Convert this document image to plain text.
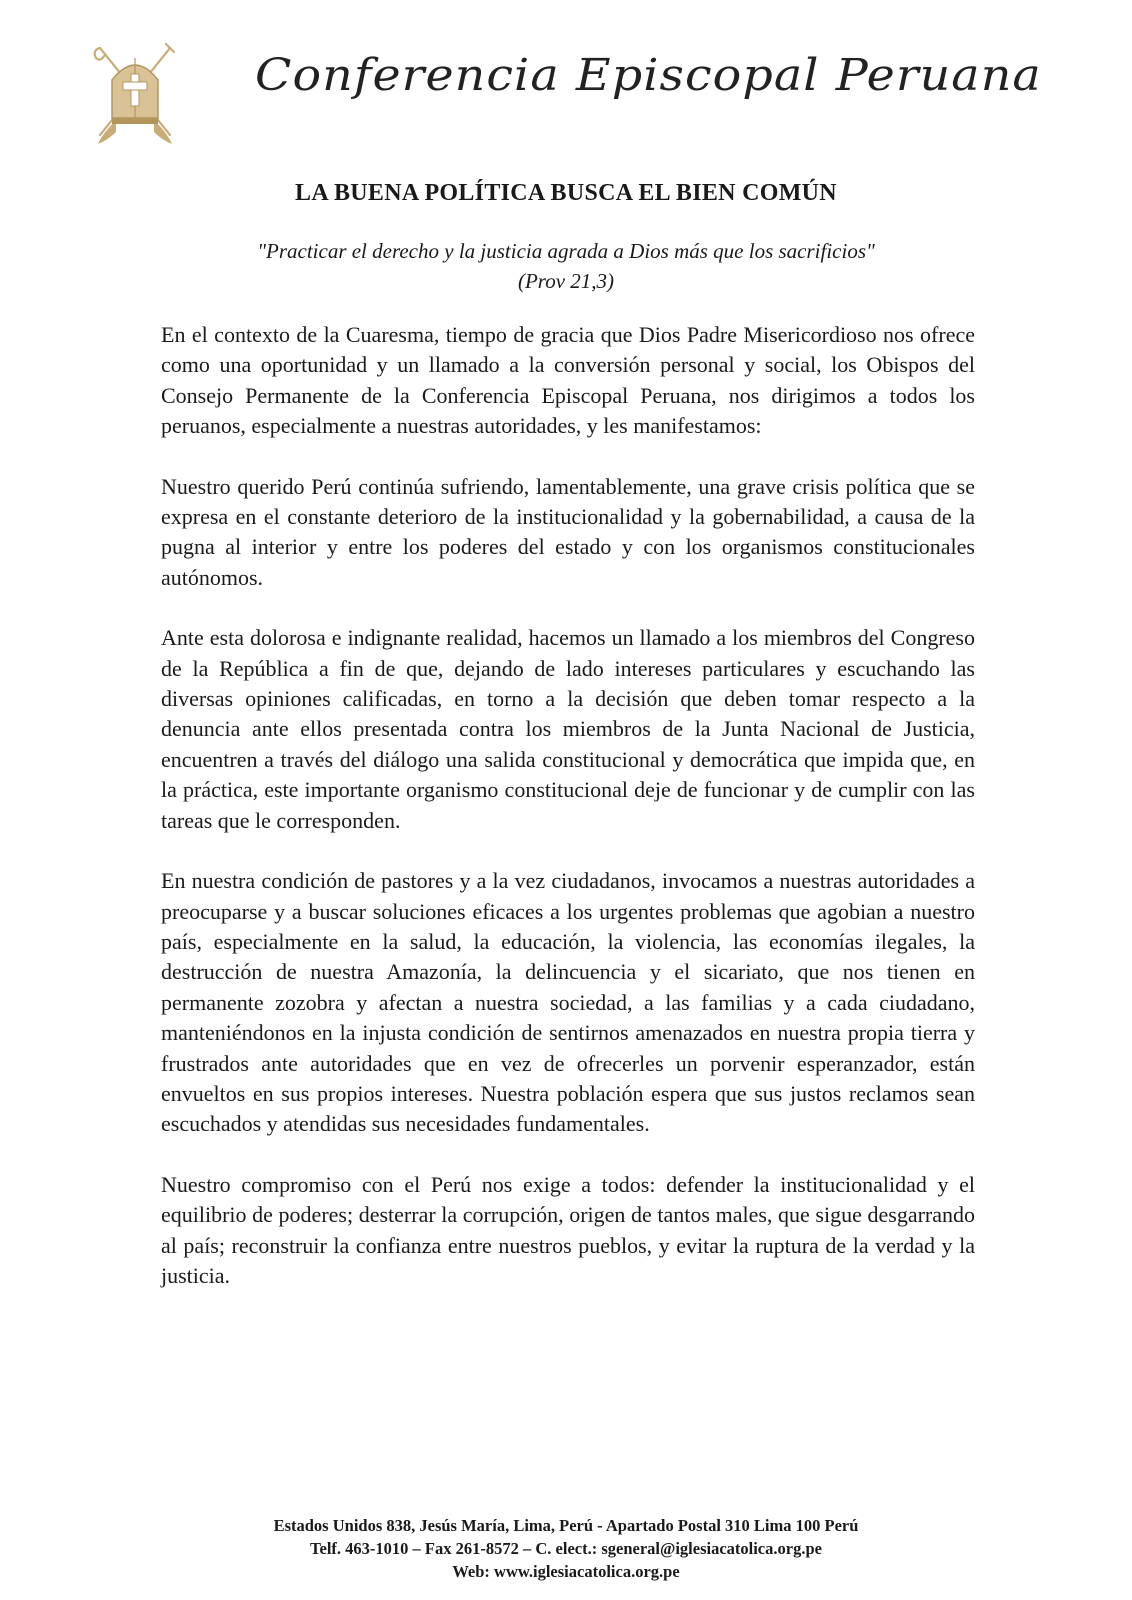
Conferencia Episcopal Peruana
LA BUENA POLÍTICA BUSCA EL BIEN COMÚN
"Practicar el derecho y la justicia agrada a Dios más que los sacrificios"
(Prov 21,3)

En el contexto de la Cuaresma, tiempo de gracia que Dios Padre Misericordioso nos ofrece como una oportunidad y un llamado a la conversión personal y social, los Obispos del Consejo Permanente de la Conferencia Episcopal Peruana, nos dirigimos a todos los peruanos, especialmente a nuestras autoridades, y les manifestamos:

Nuestro querido Perú continúa sufriendo, lamentablemente, una grave crisis política que se expresa en el constante deterioro de la institucionalidad y la gobernabilidad, a causa de la pugna al interior y entre los poderes del estado y con los organismos constitucionales autónomos.

Ante esta dolorosa e indignante realidad, hacemos un llamado a los miembros del Congreso de la República a fin de que, dejando de lado intereses particulares y escuchando las diversas opiniones calificadas, en torno a la decisión que deben tomar respecto a la denuncia ante ellos presentada contra los miembros de la Junta Nacional de Justicia, encuentren a través del diálogo una salida constitucional y democrática que impida que, en la práctica, este importante organismo constitucional deje de funcionar y de cumplir con las tareas que le corresponden.

En nuestra condición de pastores y a la vez ciudadanos, invocamos a nuestras autoridades a preocuparse y a buscar soluciones eficaces a los urgentes problemas que agobian a nuestro país, especialmente en la salud, la educación, la violencia, las economías ilegales, la destrucción de nuestra Amazonía, la delincuencia y el sicariato, que nos tienen en permanente zozobra y afectan a nuestra sociedad, a las familias y a cada ciudadano, manteniéndonos en la injusta condición de sentirnos amenazados en nuestra propia tierra y frustrados ante autoridades que en vez de ofrecerles un porvenir esperanzador, están envueltos en sus propios intereses. Nuestra población espera que sus justos reclamos sean escuchados y atendidas sus necesidades fundamentales.

Nuestro compromiso con el Perú nos exige a todos: defender la institucionalidad y el equilibrio de poderes; desterrar la corrupción, origen de tantos males, que sigue desgarrando al país; reconstruir la confianza entre nuestros pueblos, y evitar la ruptura de la verdad y la justicia.

Estados Unidos 838, Jesús María, Lima, Perú - Apartado Postal 310 Lima 100 Perú
Telf. 463-1010 – Fax 261-8572 – C. elect.: sgeneral@iglesiacatolica.org.pe
Web: www.iglesiacatolica.org.pe
